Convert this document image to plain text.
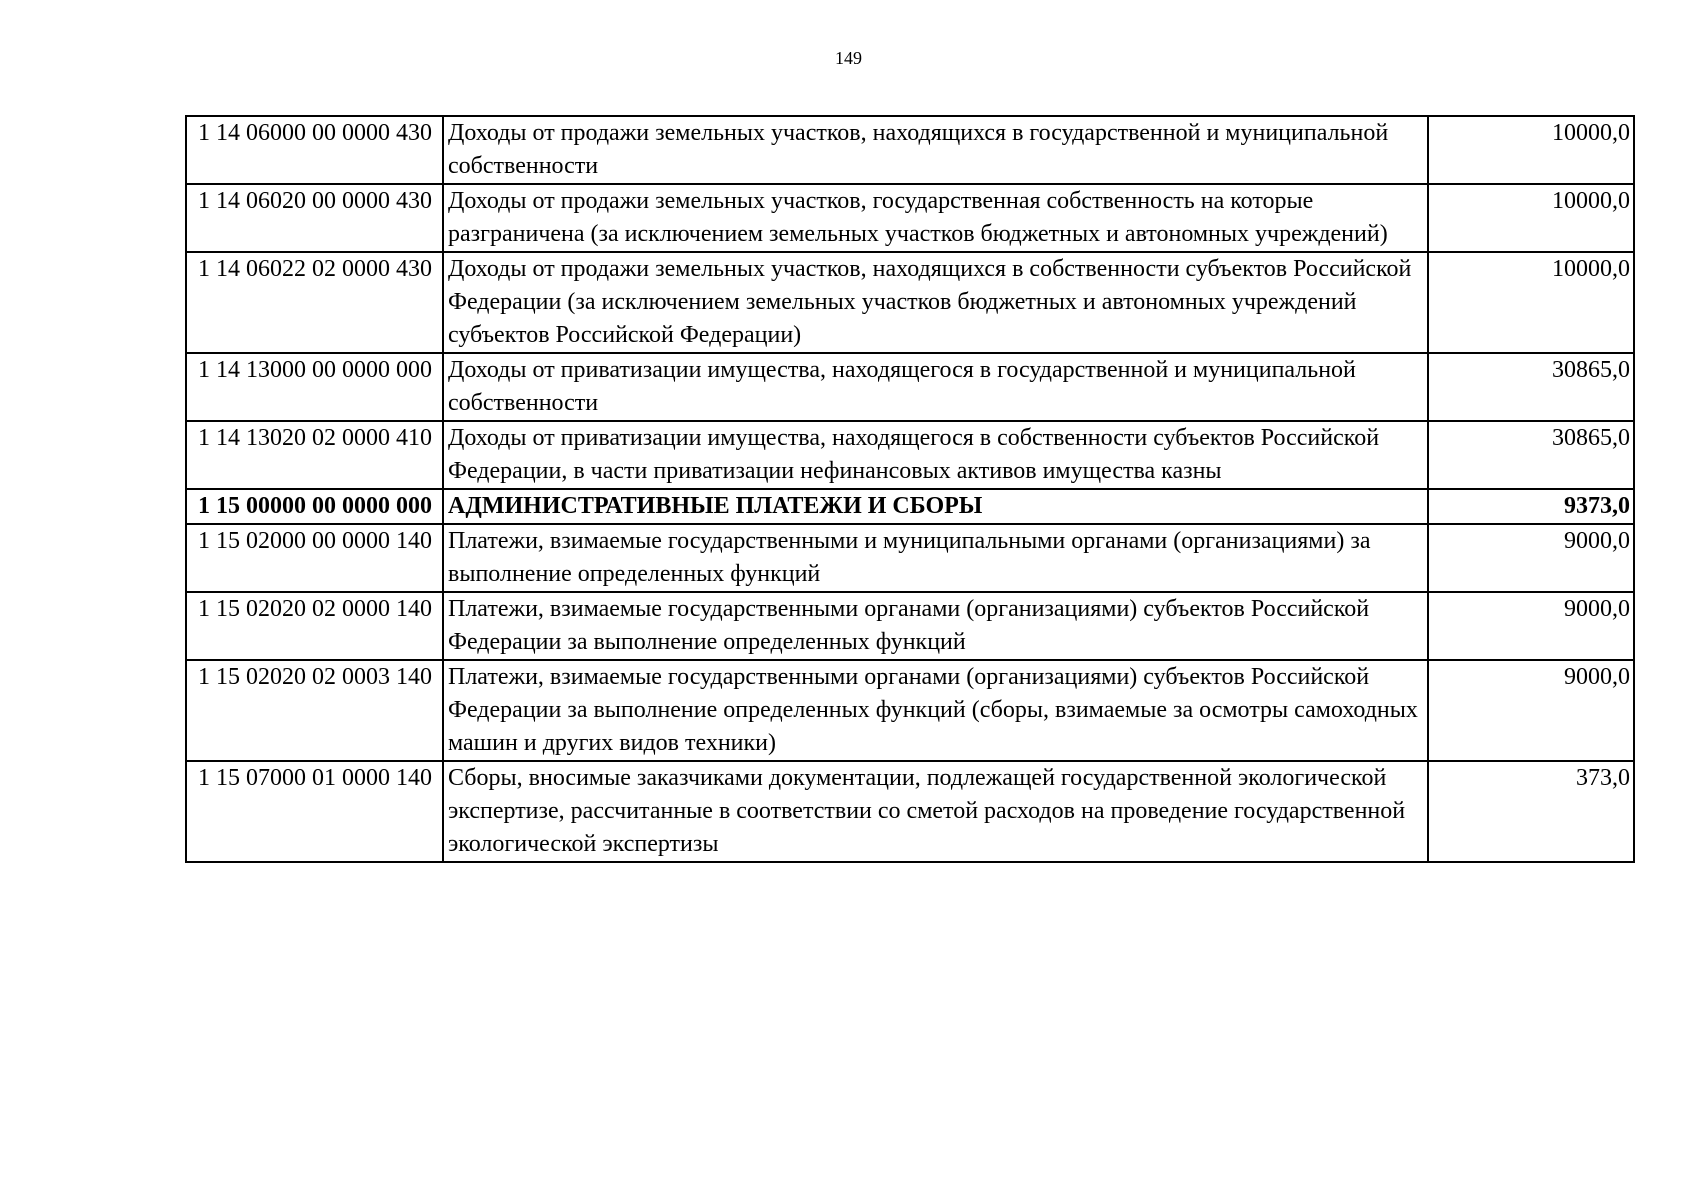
149
1 14 06000 00 0000 430	Доходы от продажи земельных участков, находящихся в государственной и муниципальной собственности	10000,0
1 14 06020 00 0000 430	Доходы от продажи земельных участков, государственная собственность на которые разграничена (за исключением земельных участков бюджетных и автономных учреждений)	10000,0
1 14 06022 02 0000 430	Доходы от продажи земельных участков, находящихся в собственности субъектов Российской Федерации (за исключением земельных участков бюджетных и автономных учреждений субъектов Российской Федерации)	10000,0
1 14 13000 00 0000 000	Доходы от приватизации имущества, находящегося в государственной и муниципальной собственности	30865,0
1 14 13020 02 0000 410	Доходы от приватизации имущества, находящегося в собственности субъектов Российской Федерации, в части приватизации нефинансовых активов имущества казны	30865,0
1 15 00000 00 0000 000	АДМИНИСТРАТИВНЫЕ ПЛАТЕЖИ И СБОРЫ	9373,0
1 15 02000 00 0000 140	Платежи, взимаемые государственными и муниципальными органами (организациями) за выполнение определенных функций	9000,0
1 15 02020 02 0000 140	Платежи, взимаемые государственными органами (организациями) субъектов Российской Федерации за выполнение определенных функций	9000,0
1 15 02020 02 0003 140	Платежи, взимаемые государственными органами (организациями) субъектов Российской Федерации за выполнение определенных функций (сборы, взимаемые за осмотры самоходных машин и других видов техники)	9000,0
1 15 07000 01 0000 140	Сборы, вносимые заказчиками документации, подлежащей государственной экологической экспертизе, рассчитанные в соответствии со сметой расходов на проведение государственной экологической экспертизы	373,0
